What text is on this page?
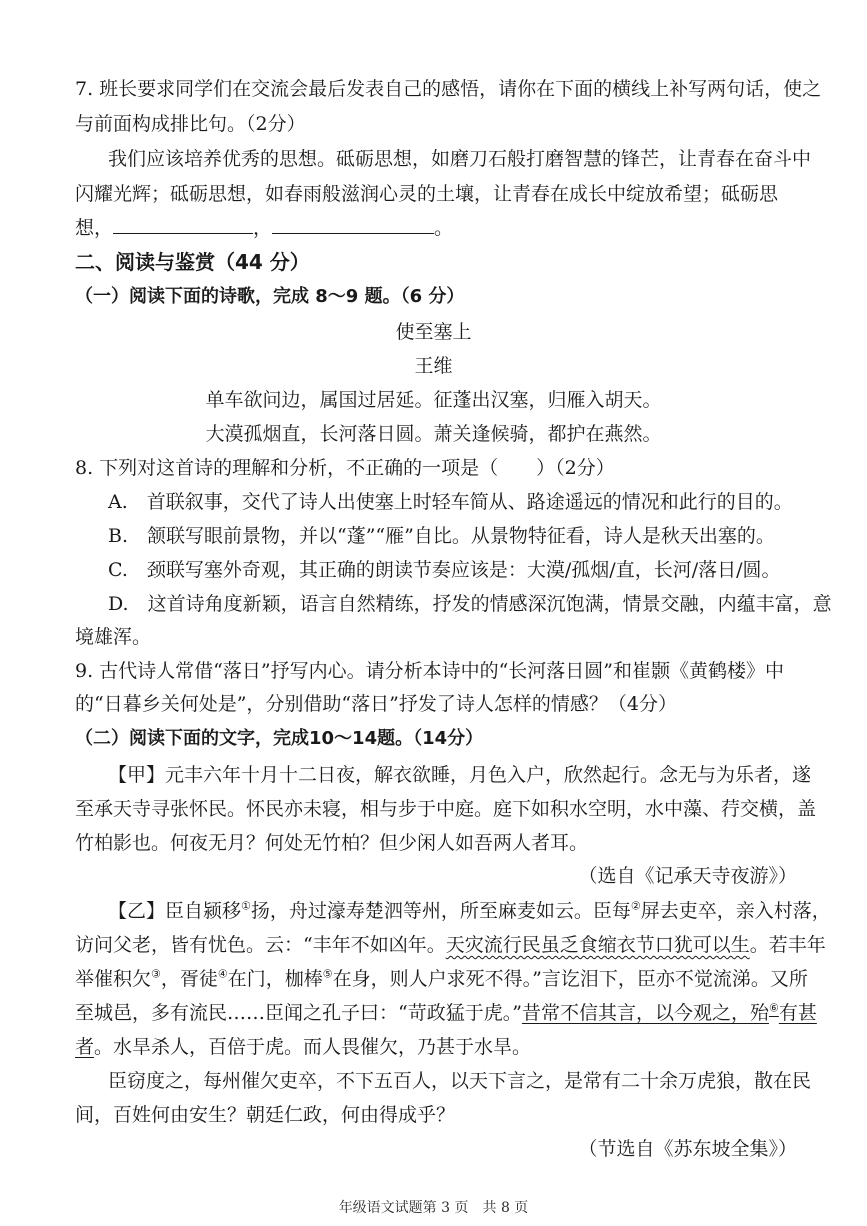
7. 班长要求同学们在交流会最后发表自己的感悟，请你在下面的横线上补写两句话，使之
与前面构成排比句。（2分）
我们应该培养优秀的思想。砥砺思想，如磨刀石般打磨智慧的锋芒，让青春在奋斗中
闪耀光辉；砥砺思想，如春雨般滋润心灵的土壤，让青春在成长中绽放希望；砥砺思
想，	，	。
二、阅读与鉴赏（44 分）
（一）阅读下面的诗歌，完成 8～9 题。（6 分）
使至塞上
王维
单车欲问边，属国过居延。征蓬出汉塞，归雁入胡天。
大漠孤烟直，长河落日圆。萧关逢候骑，都护在燕然。
8. 下列对这首诗的理解和分析，不正确的一项是（　　）（2分）
A.　首联叙事，交代了诗人出使塞上时轻车简从、路途遥远的情况和此行的目的。
B.　颔联写眼前景物，并以“蓬”“雁”自比。从景物特征看，诗人是秋天出塞的。
C.　颈联写塞外奇观，其正确的朗读节奏应该是：大漠/孤烟/直，长河/落日/圆。
D.　这首诗角度新颖，语言自然精练，抒发的情感深沉饱满，情景交融，内蕴丰富，意
境雄浑。
9. 古代诗人常借“落日”抒写内心。请分析本诗中的“长河落日圆”和崔颢《黄鹤楼》中
的“日暮乡关何处是”，分别借助“落日”抒发了诗人怎样的情感？（4分）
（二）阅读下面的文字，完成10～14题。（14分）
【甲】元丰六年十月十二日夜，解衣欲睡，月色入户，欣然起行。念无与为乐者，遂
至承天寺寻张怀民。怀民亦未寝，相与步于中庭。庭下如积水空明，水中藻、荇交横，盖
竹柏影也。何夜无月？何处无竹柏？但少闲人如吾两人者耳。
（选自《记承天寺夜游》）
【乙】臣自颍移①扬，舟过濠寿楚泗等州，所至麻麦如云。臣每②屏去吏卒，亲入村落，
访问父老，皆有忧色。云：“丰年不如凶年。天灾流行民虽乏食缩衣节口犹可以生。若丰年
举催积欠③，胥徒④在门，枷棒⑤在身，则人户求死不得。”言讫泪下，臣亦不觉流涕。又所
至城邑，多有流民……臣闻之孔子曰：“苛政猛于虎。”昔常不信其言，以今观之，殆⑥有甚
者。水旱杀人，百倍于虎。而人畏催欠，乃甚于水旱。
臣窃度之，每州催欠吏卒，不下五百人，以天下言之，是常有二十余万虎狼，散在民
间，百姓何由安生？朝廷仁政，何由得成乎？
（节选自《苏东坡全集》）
年级语文试题第 3 页　共 8 页
